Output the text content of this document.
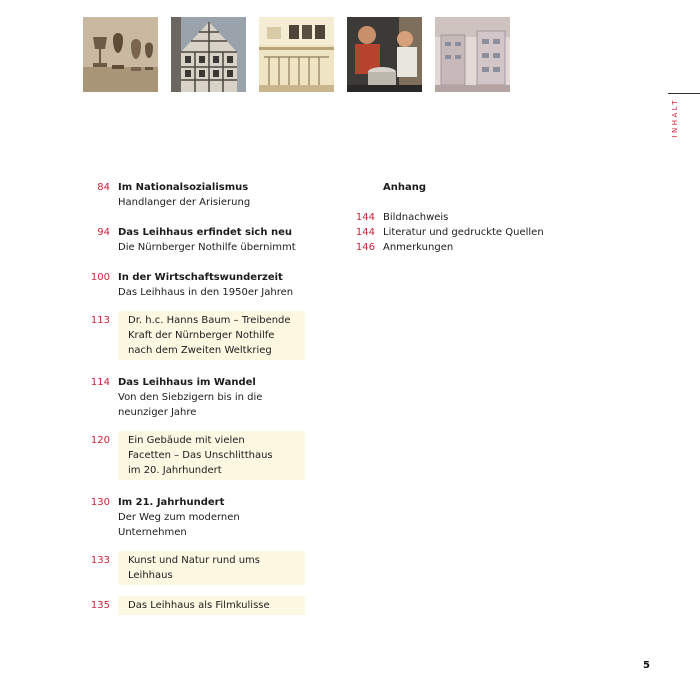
INHALT
84 Im Nationalsozialismus
Handlanger der Arisierung
94 Das Leihhaus erfindet sich neu
Die Nürnberger Nothilfe übernimmt
100 In der Wirtschaftswunderzeit
Das Leihhaus in den 1950er Jahren
113 Dr. h.c. Hanns Baum – Treibende
Kraft der Nürnberger Nothilfe
nach dem Zweiten Weltkrieg
114 Das Leihhaus im Wandel
Von den Siebzigern bis in die
neunziger Jahre
120 Ein Gebäude mit vielen
Facetten – Das Unschlitthaus
im 20. Jahrhundert
130 Im 21. Jahrhundert
Der Weg zum modernen
Unternehmen
133 Kunst und Natur rund ums Leihhaus
135 Das Leihhaus als Filmkulisse
Anhang
144 Bildnachweis
144 Literatur und gedruckte Quellen
146 Anmerkungen
5
